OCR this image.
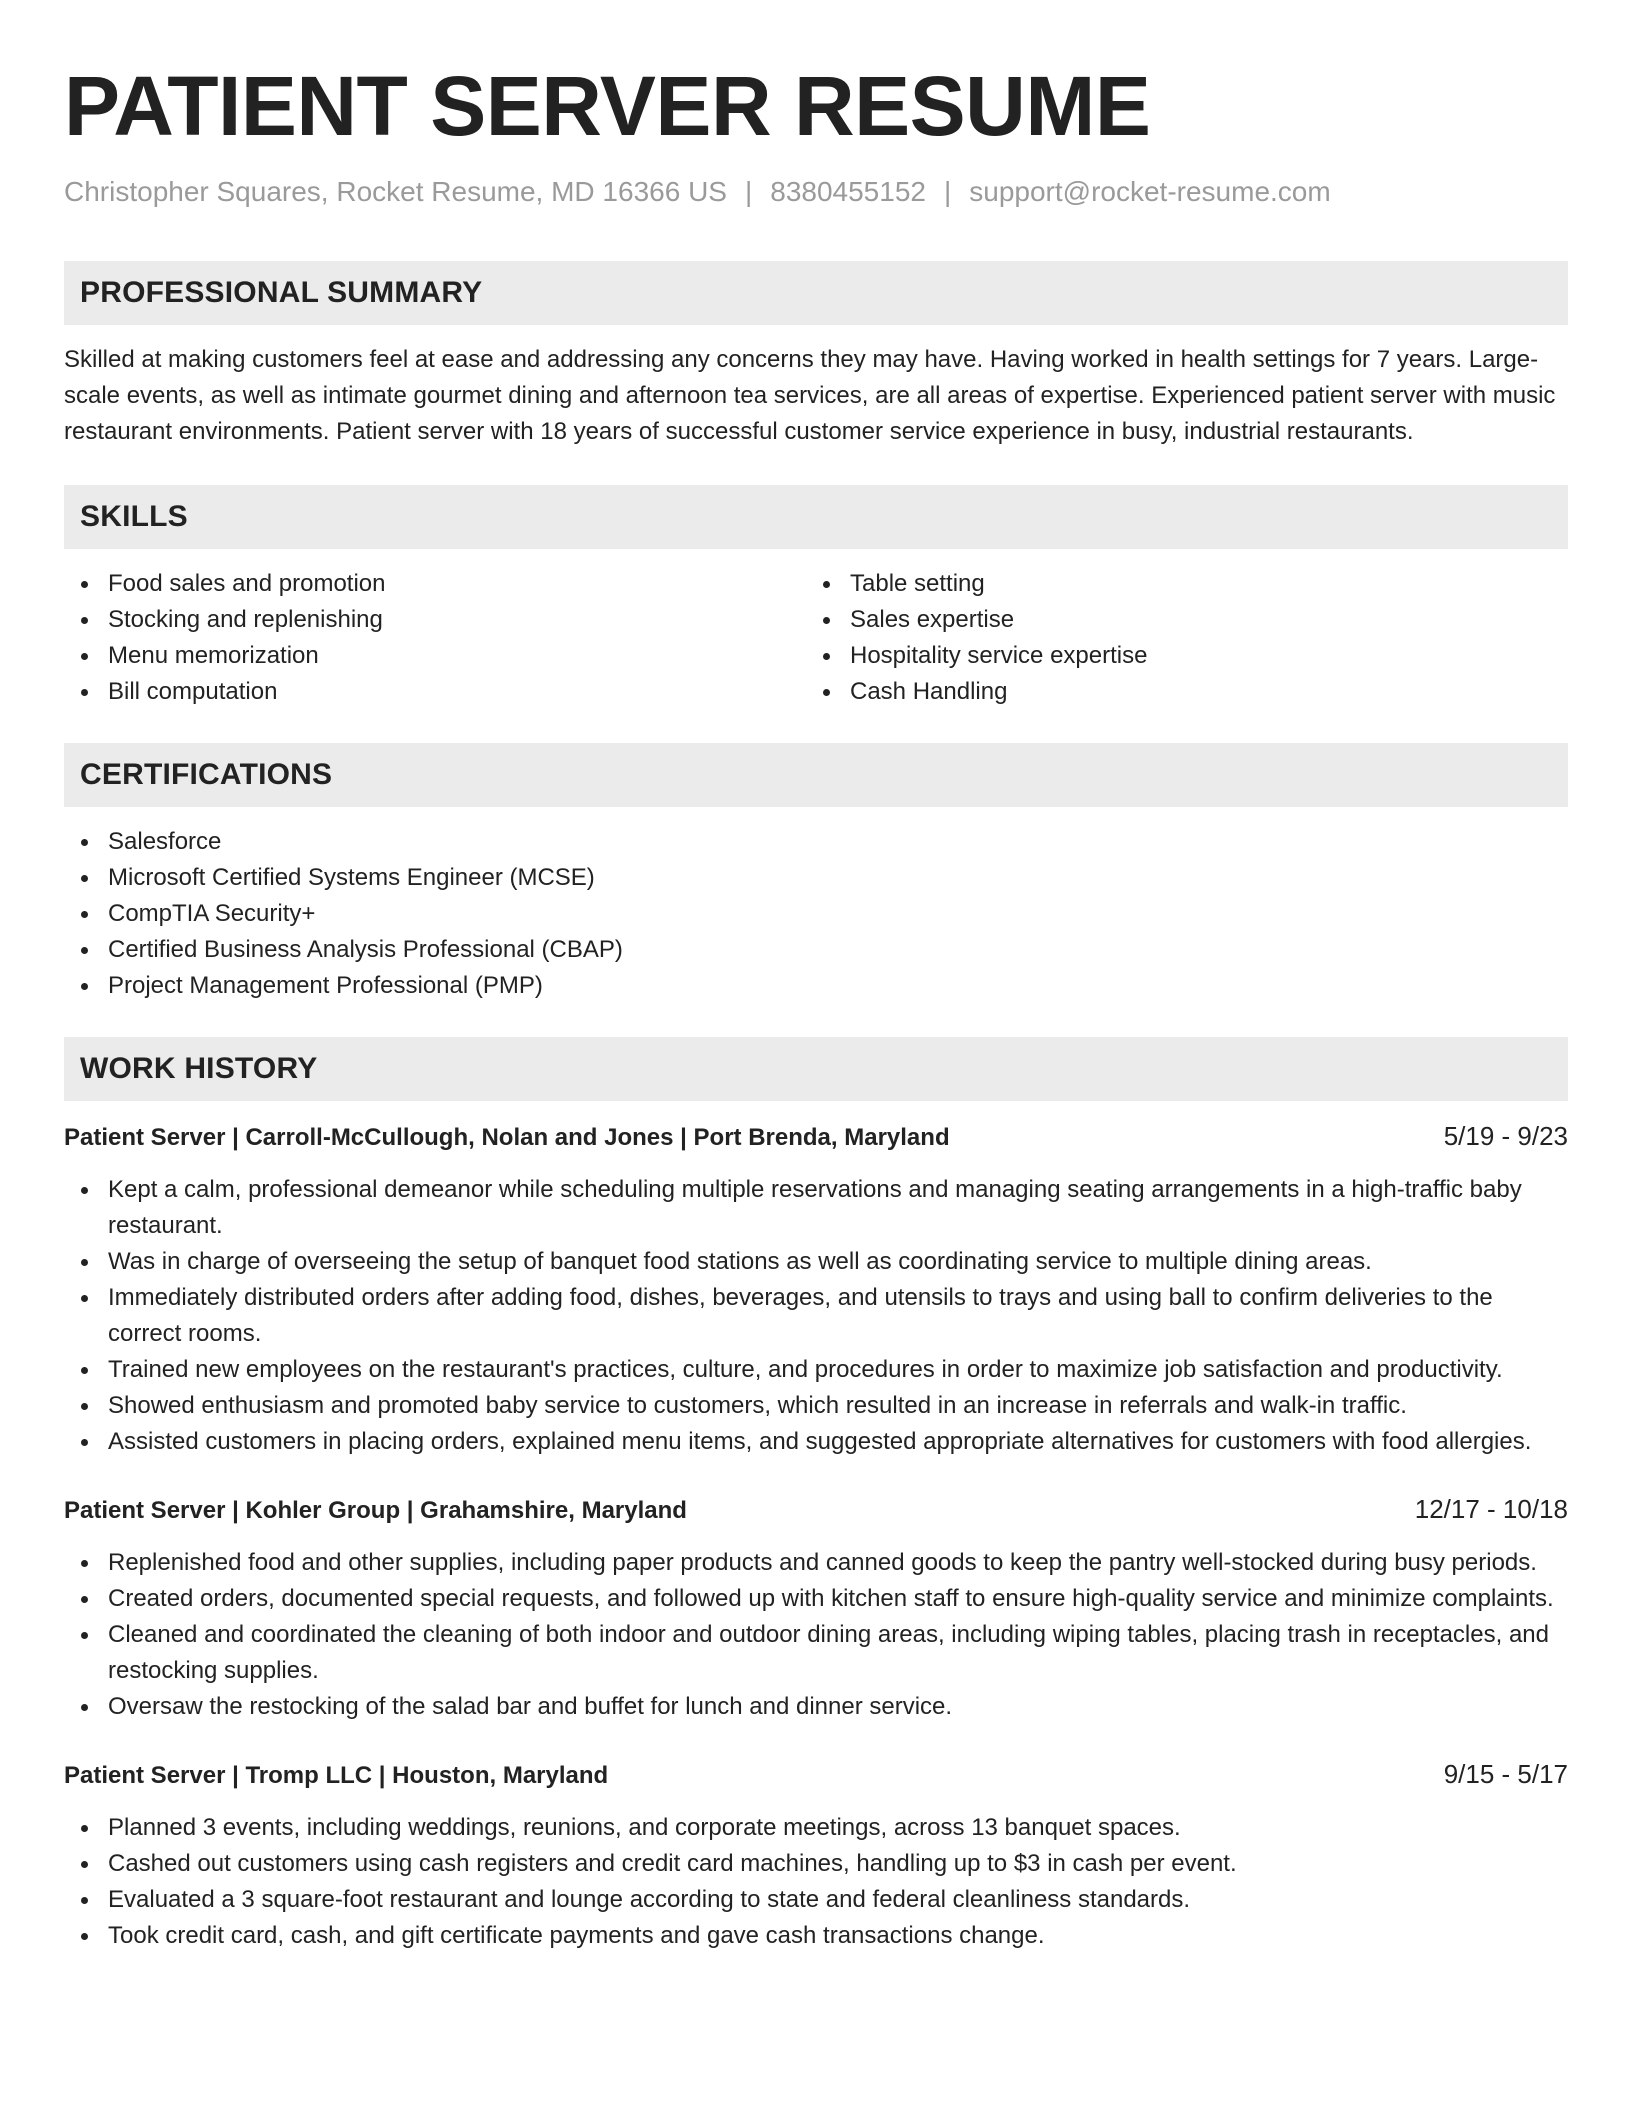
PATIENT SERVER RESUME
Christopher Squares, Rocket Resume, MD 16366 US | 8380455152 | support@rocket-resume.com
PROFESSIONAL SUMMARY

Skilled at making customers feel at ease and addressing any concerns they may have. Having worked in health settings for 7 years. Large-scale events, as well as intimate gourmet dining and afternoon tea services, are all areas of expertise. Experienced patient server with music restaurant environments. Patient server with 18 years of successful customer service experience in busy, industrial restaurants.

SKILLS
Food sales and promotion
Stocking and replenishing
Menu memorization
Bill computation
Table setting
Sales expertise
Hospitality service expertise
Cash Handling
CERTIFICATIONS
Salesforce
Microsoft Certified Systems Engineer (MCSE)
CompTIA Security+
Certified Business Analysis Professional (CBAP)
Project Management Professional (PMP)
WORK HISTORY
Patient Server | Carroll-McCullough, Nolan and Jones | Port Brenda, Maryland	5/19 - 9/23
Kept a calm, professional demeanor while scheduling multiple reservations and managing seating arrangements in a high-traffic baby restaurant.
Was in charge of overseeing the setup of banquet food stations as well as coordinating service to multiple dining areas.
Immediately distributed orders after adding food, dishes, beverages, and utensils to trays and using ball to confirm deliveries to the correct rooms.
Trained new employees on the restaurant's practices, culture, and procedures in order to maximize job satisfaction and productivity.
Showed enthusiasm and promoted baby service to customers, which resulted in an increase in referrals and walk-in traffic.
Assisted customers in placing orders, explained menu items, and suggested appropriate alternatives for customers with food allergies.
Patient Server | Kohler Group | Grahamshire, Maryland	12/17 - 10/18
Replenished food and other supplies, including paper products and canned goods to keep the pantry well-stocked during busy periods.
Created orders, documented special requests, and followed up with kitchen staff to ensure high-quality service and minimize complaints.
Cleaned and coordinated the cleaning of both indoor and outdoor dining areas, including wiping tables, placing trash in receptacles, and restocking supplies.
Oversaw the restocking of the salad bar and buffet for lunch and dinner service.
Patient Server | Tromp LLC | Houston, Maryland	9/15 - 5/17
Planned 3 events, including weddings, reunions, and corporate meetings, across 13 banquet spaces.
Cashed out customers using cash registers and credit card machines, handling up to $3 in cash per event.
Evaluated a 3 square-foot restaurant and lounge according to state and federal cleanliness standards.
Took credit card, cash, and gift certificate payments and gave cash transactions change.
